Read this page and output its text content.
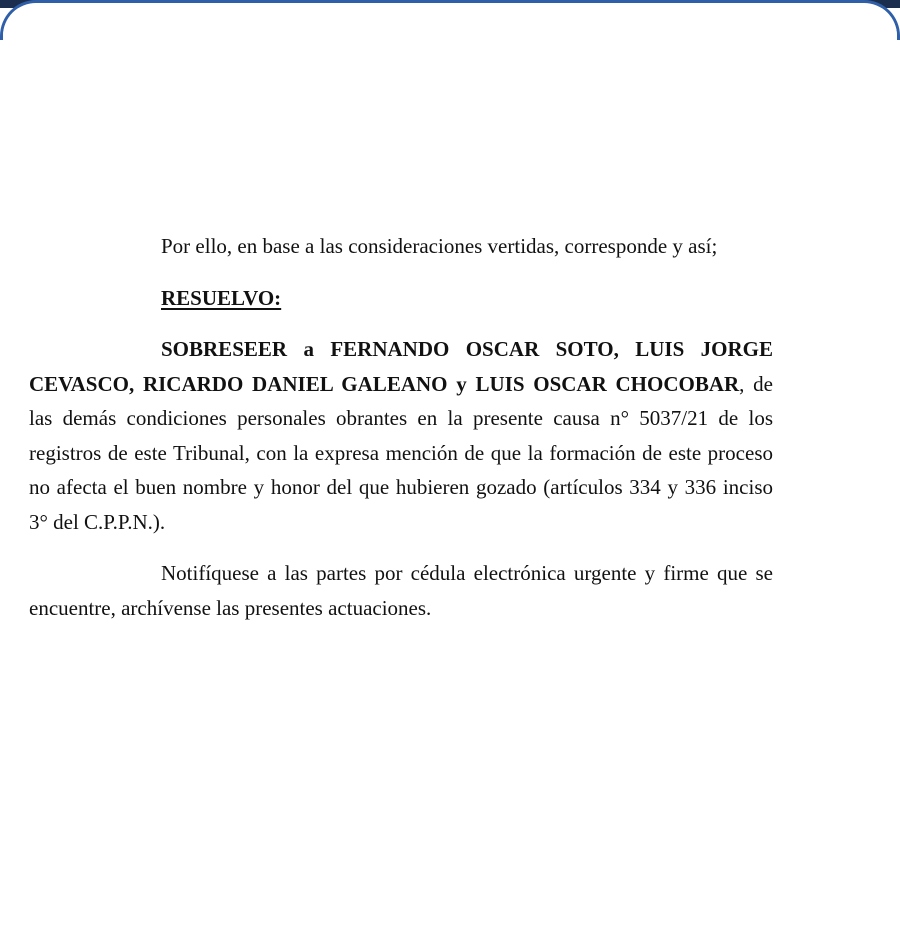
Por ello, en base a las consideraciones vertidas, corresponde y así;

RESUELVO:

SOBRESEER a FERNANDO OSCAR SOTO, LUIS JORGE CEVASCO, RICARDO DANIEL GALEANO y LUIS OSCAR CHOCOBAR, de las demás condiciones personales obrantes en la presente causa n° 5037/21 de los registros de este Tribunal, con la expresa mención de que la formación de este proceso no afecta el buen nombre y honor del que hubieren gozado (artículos 334 y 336 inciso 3° del C.P.P.N.).

Notifíquese a las partes por cédula electrónica urgente y firme que se encuentre, archívense las presentes actuaciones.
